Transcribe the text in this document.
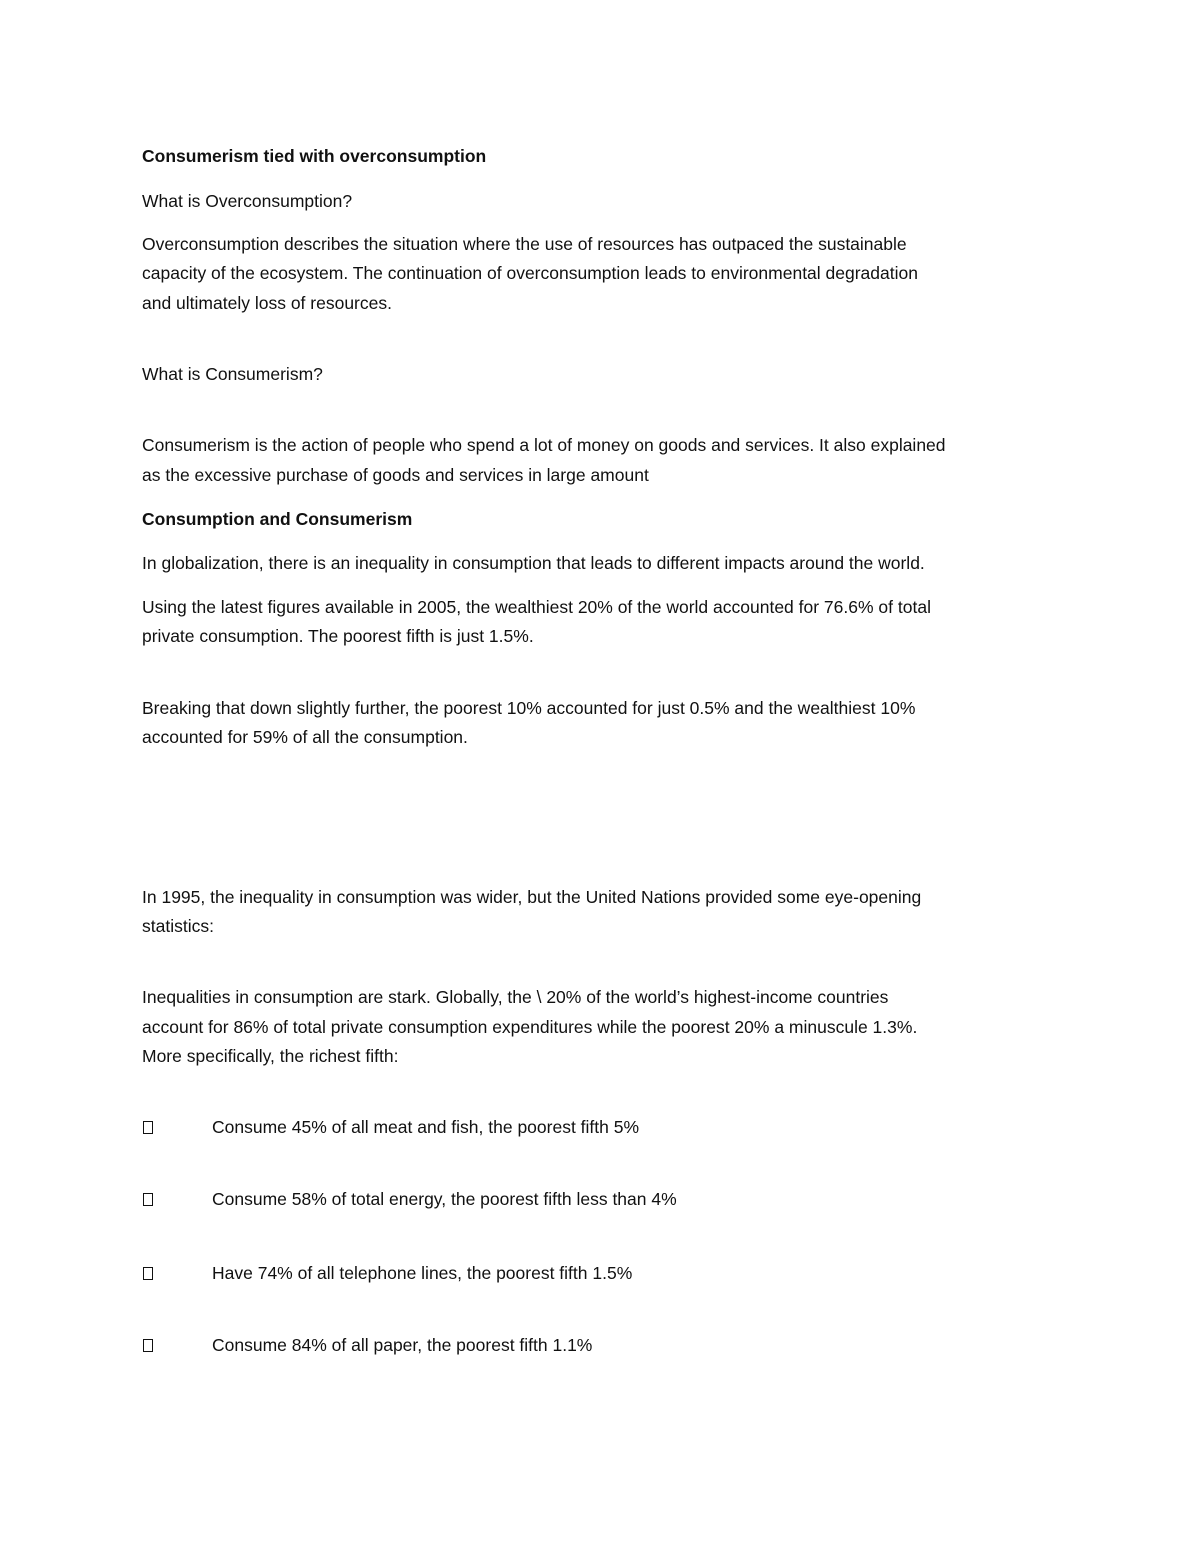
Consumerism tied with overconsumption
What is Overconsumption?
Overconsumption describes the situation where the use of resources has outpaced the sustainable
capacity of the ecosystem. The continuation of overconsumption leads to environmental degradation
and ultimately loss of resources.
What is Consumerism?
Consumerism is the action of people who spend a lot of money on goods and services. It also explained
as the excessive purchase of goods and services in large amount
Consumption and Consumerism
In globalization, there is an inequality in consumption that leads to different impacts around the world.
Using the latest figures available in 2005, the wealthiest 20% of the world accounted for 76.6% of total
private consumption. The poorest fifth is just 1.5%.
Breaking that down slightly further, the poorest 10% accounted for just 0.5% and the wealthiest 10%
accounted for 59% of all the consumption.
In 1995, the inequality in consumption was wider, but the United Nations provided some eye-opening
statistics:
Inequalities in consumption are stark. Globally, the \ 20% of the world’s highest-income countries
account for 86% of total private consumption expenditures while the poorest 20% a minuscule 1.3%.
More specifically, the richest fifth:
Consume 45% of all meat and fish, the poorest fifth 5%
Consume 58% of total energy, the poorest fifth less than 4%
Have 74% of all telephone lines, the poorest fifth 1.5%
Consume 84% of all paper, the poorest fifth 1.1%
